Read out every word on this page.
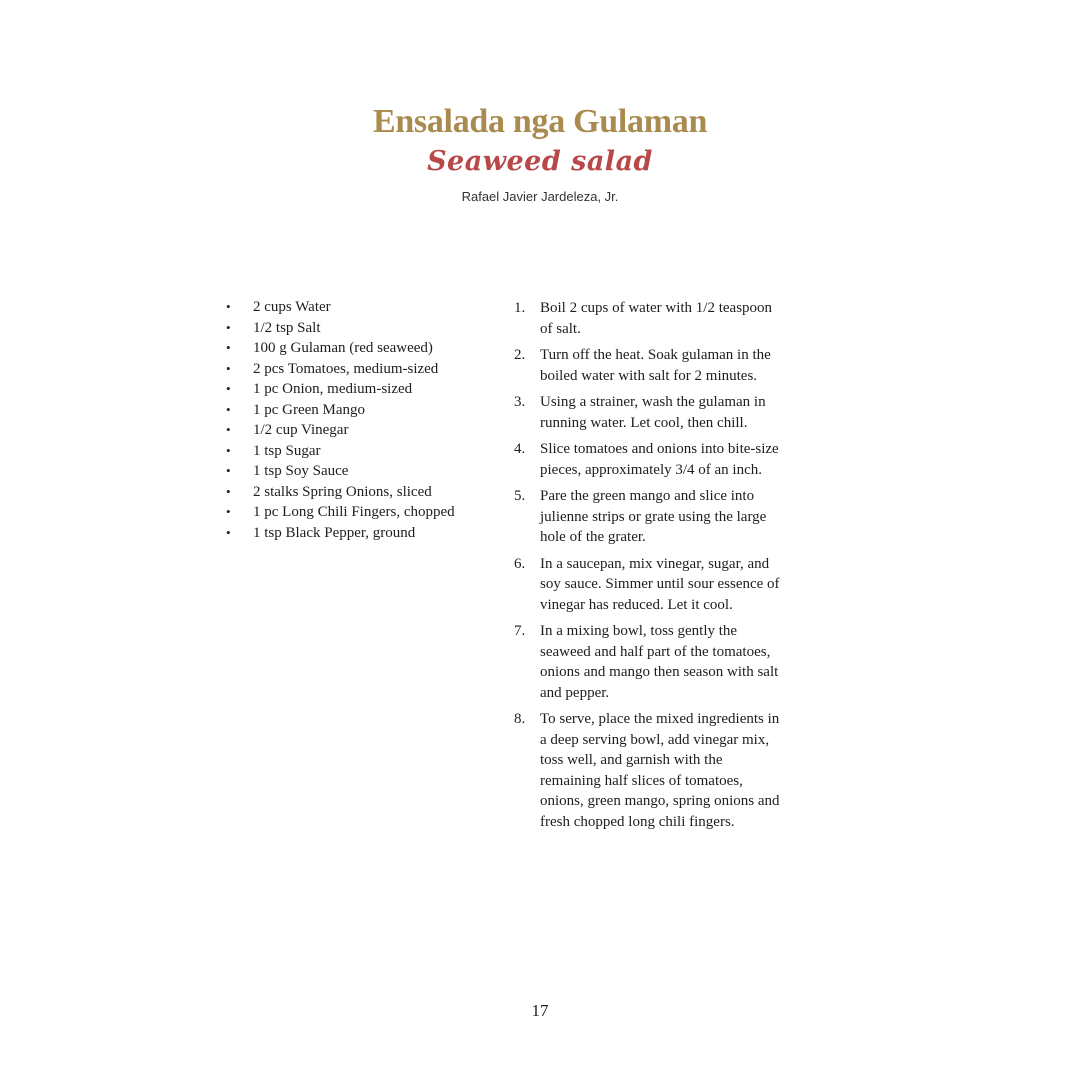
Ensalada nga Gulaman
Seaweed salad
Rafael Javier Jardeleza, Jr.
• 2 cups Water
• 1/2 tsp Salt
• 100 g Gulaman (red seaweed)
• 2 pcs Tomatoes, medium-sized
• 1 pc Onion, medium-sized
• 1 pc Green Mango
• 1/2 cup Vinegar
• 1 tsp Sugar
• 1 tsp Soy Sauce
• 2 stalks Spring Onions, sliced
• 1 pc Long Chili Fingers, chopped
• 1 tsp Black Pepper, ground
1. Boil 2 cups of water with 1/2 teaspoon of salt.
2. Turn off the heat. Soak gulaman in the boiled water with salt for 2 minutes.
3. Using a strainer, wash the gulaman in running water. Let cool, then chill.
4. Slice tomatoes and onions into bite-size pieces, approximately 3/4 of an inch.
5. Pare the green mango and slice into julienne strips or grate using the large hole of the grater.
6. In a saucepan, mix vinegar, sugar, and soy sauce. Simmer until sour essence of vinegar has reduced. Let it cool.
7. In a mixing bowl, toss gently the seaweed and half part of the tomatoes, onions and mango then season with salt and pepper.
8. To serve, place the mixed ingredients in a deep serving bowl, add vinegar mix, toss well, and garnish with the remaining half slices of tomatoes, onions, green mango, spring onions and fresh chopped long chili fingers.
17
